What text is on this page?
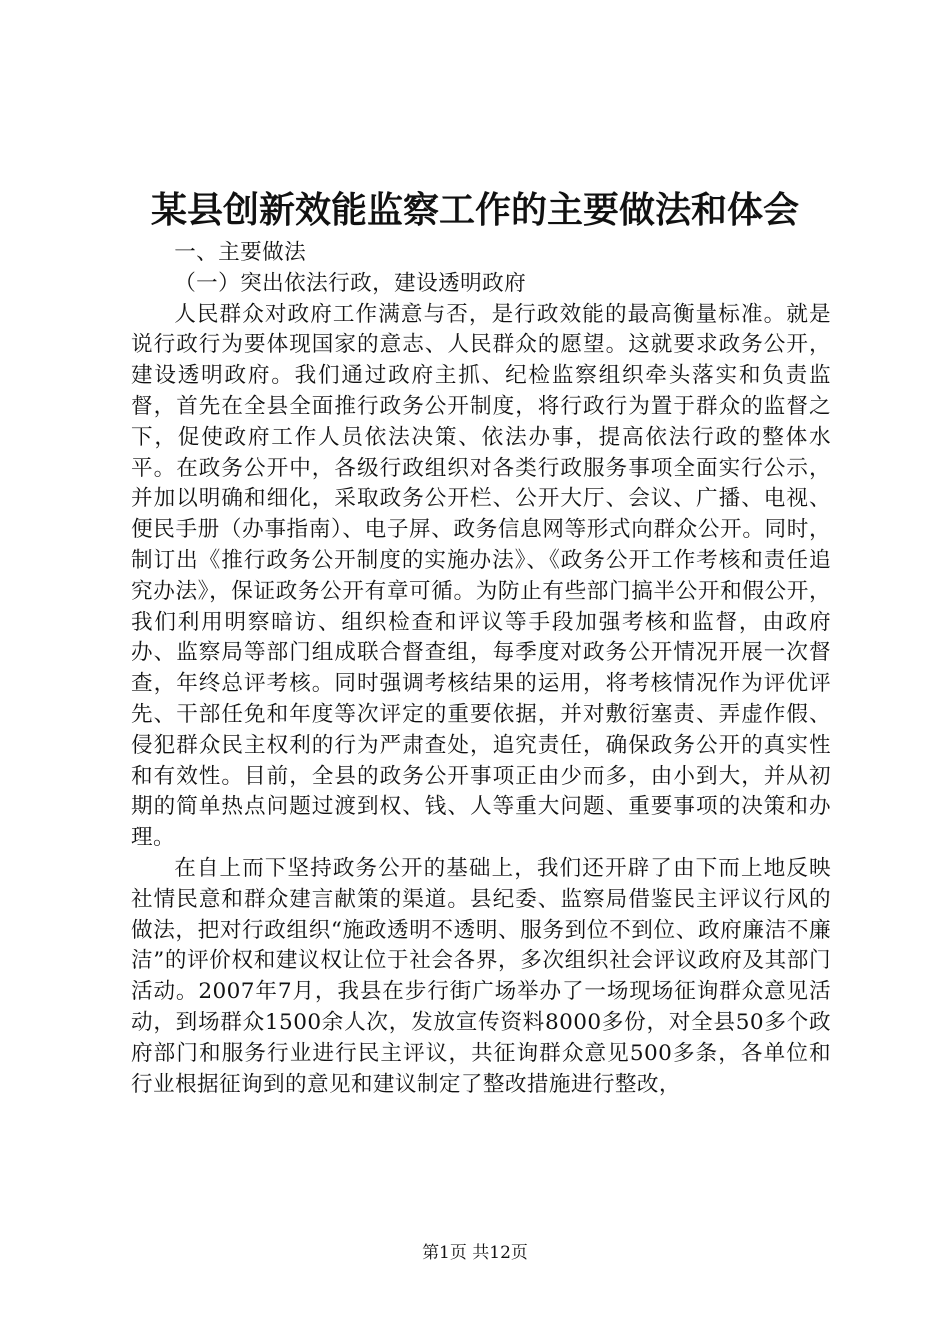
某县创新效能监察工作的主要做法和体会

一、主要做法

（一）突出依法行政，建设透明政府

人民群众对政府工作满意与否，是行政效能的最高衡量标准。就是说行政行为要体现国家的意志、人民群众的愿望。这就要求政务公开，建设透明政府。我们通过政府主抓、纪检监察组织牵头落实和负责监督，首先在全县全面推行政务公开制度，将行政行为置于群众的监督之下，促使政府工作人员依法决策、依法办事，提高依法行政的整体水平。在政务公开中，各级行政组织对各类行政服务事项全面实行公示，并加以明确和细化，采取政务公开栏、公开大厅、会议、广播、电视、便民手册（办事指南）、电子屏、政务信息网等形式向群众公开。同时，制订出《推行政务公开制度的实施办法》、《政务公开工作考核和责任追究办法》，保证政务公开有章可循。为防止有些部门搞半公开和假公开，我们利用明察暗访、组织检查和评议等手段加强考核和监督，由政府办、监察局等部门组成联合督查组，每季度对政务公开情况开展一次督查，年终总评考核。同时强调考核结果的运用，将考核情况作为评优评先、干部任免和年度等次评定的重要依据，并对敷衍塞责、弄虚作假、侵犯群众民主权利的行为严肃查处，追究责任，确保政务公开的真实性和有效性。目前，全县的政务公开事项正由少而多，由小到大，并从初期的简单热点问题过渡到权、钱、人等重大问题、重要事项的决策和办理。

在自上而下坚持政务公开的基础上，我们还开辟了由下而上地反映社情民意和群众建言献策的渠道。县纪委、监察局借鉴民主评议行风的做法，把对行政组织“施政透明不透明、服务到位不到位、政府廉洁不廉洁”的评价权和建议权让位于社会各界，多次组织社会评议政府及其部门活动。2007年7月，我县在步行街广场举办了一场现场征询群众意见活动，到场群众1500余人次，发放宣传资料8000多份，对全县50多个政府部门和服务行业进行民主评议，共征询群众意见500多条，各单位和行业根据征询到的意见和建议制定了整改措施进行整改，

第1页 共12页
